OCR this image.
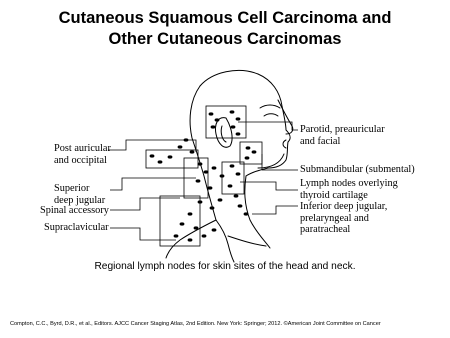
Cutaneous Squamous Cell Carcinoma and
Other Cutaneous Carcinomas
Post auricular
and occipital
Superior
deep jugular
Spinal accessory
Supraclavicular
Parotid, preauricular
and facial
Submandibular (submental)
Lymph nodes overlying
thyroid cartilage
Inferior deep jugular,
prelaryngeal and
paratracheal
Regional lymph nodes for skin sites of the head and neck.
Compton, C.C., Byrd, D.R., et al., Editors. AJCC Cancer Staging Atlas, 2nd Edition. New York: Springer; 2012. ©American Joint Committee on Cancer
